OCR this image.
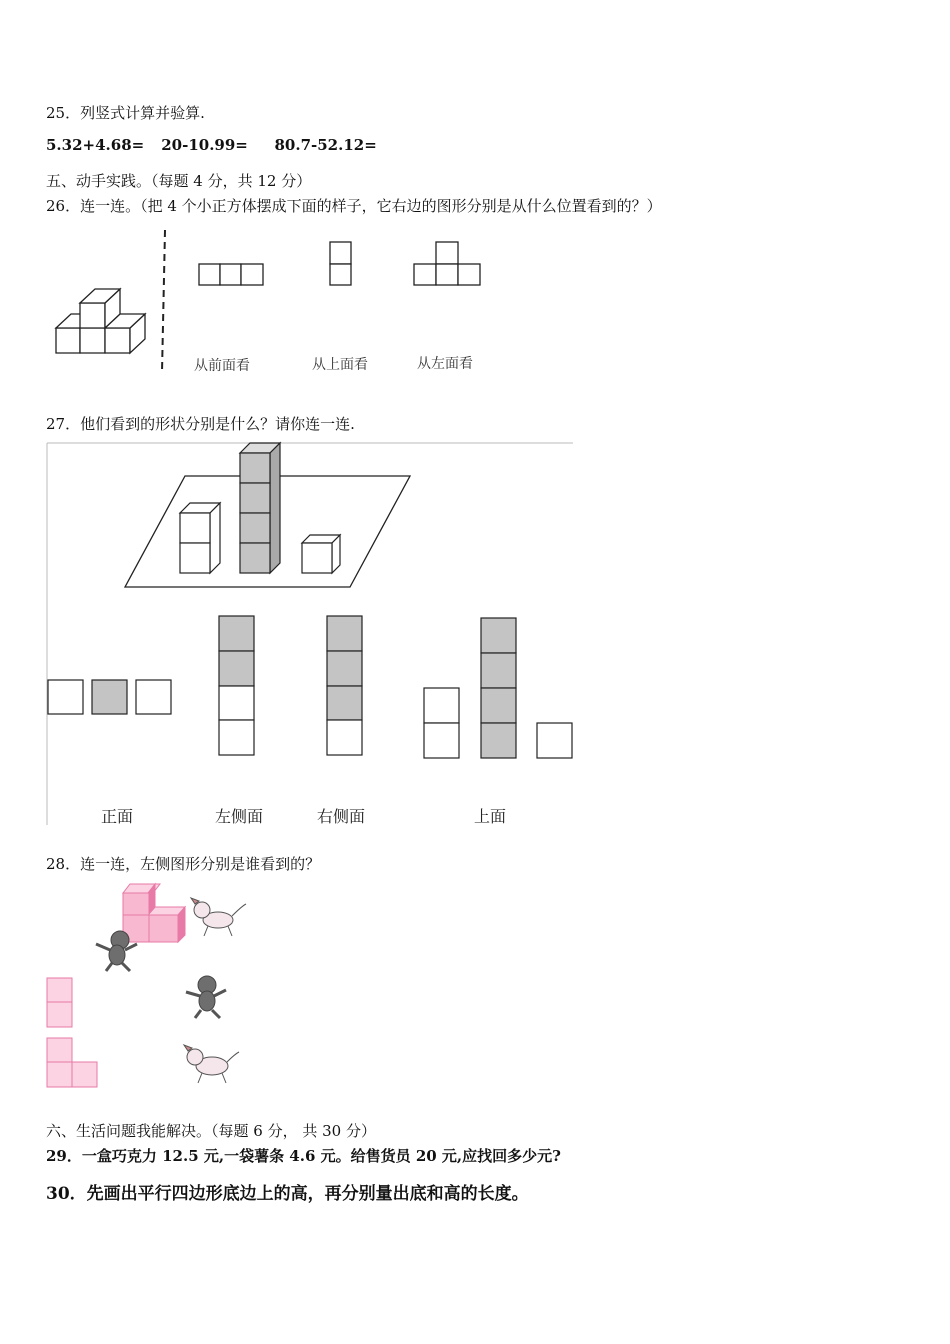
25．列竖式计算并验算.
5.32+4.68= 20-10.99= 80.7-52.12=
五、动手实践。（每题 4 分，共 12 分）
26．连一连。（把 4 个小正方体摆成下面的样子，它右边的图形分别是从什么位置看到的？）
从前面看	从上面看	从左面看
27．他们看到的形状分别是什么？请你连一连.
正面	左侧面	右侧面	上面
28．连一连，左侧图形分别是谁看到的？
六、生活问题我能解决。（每题 6 分， 共 30 分）
29．一盒巧克力 12.5 元,一袋薯条 4.6 元。给售货员 20 元,应找回多少元?
30．先画出平行四边形底边上的高，再分别量出底和高的长度。
